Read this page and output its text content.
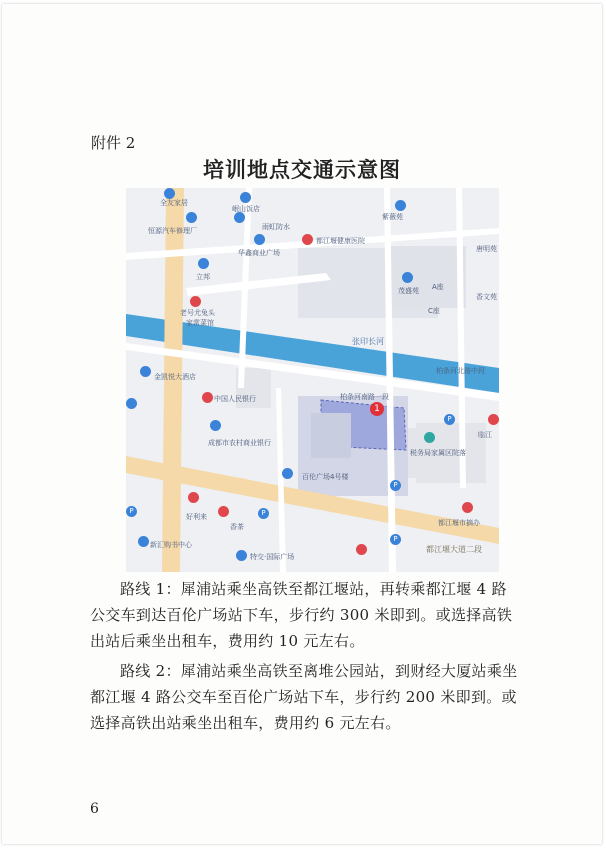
附件 2
培训地点交通示意图
P
P
P
P
P
1
全友家居
恒源汽车修理厂
岷山饭店
雨虹防水
华鑫商业广场
都江堰健康医院
紫薇苑
唐明苑
立邦
茂盛苑 A座
香文苑
老号尤兔头
家常菜馆
C座
张印长河
柏条河北路中段
金凯悦大酒店
柏条河南路一段
中国人民银行
临江
成都市农村商业银行
税务局家属区院落
百伦广场4号楼
好利来
香茶	都江堰市摘办
新汇购书中心	都江堰大道二段
特交·国际广场
路线 1：犀浦站乘坐高铁至都江堰站，再转乘都江堰 4 路公交车到达百伦广场站下车，步行约 300 米即到。或选择高铁出站后乘坐出租车，费用约 10 元左右。
路线 2：犀浦站乘坐高铁至离堆公园站，到财经大厦站乘坐都江堰 4 路公交车至百伦广场站下车，步行约 200 米即到。或选择高铁出站乘坐出租车，费用约 6 元左右。
6
